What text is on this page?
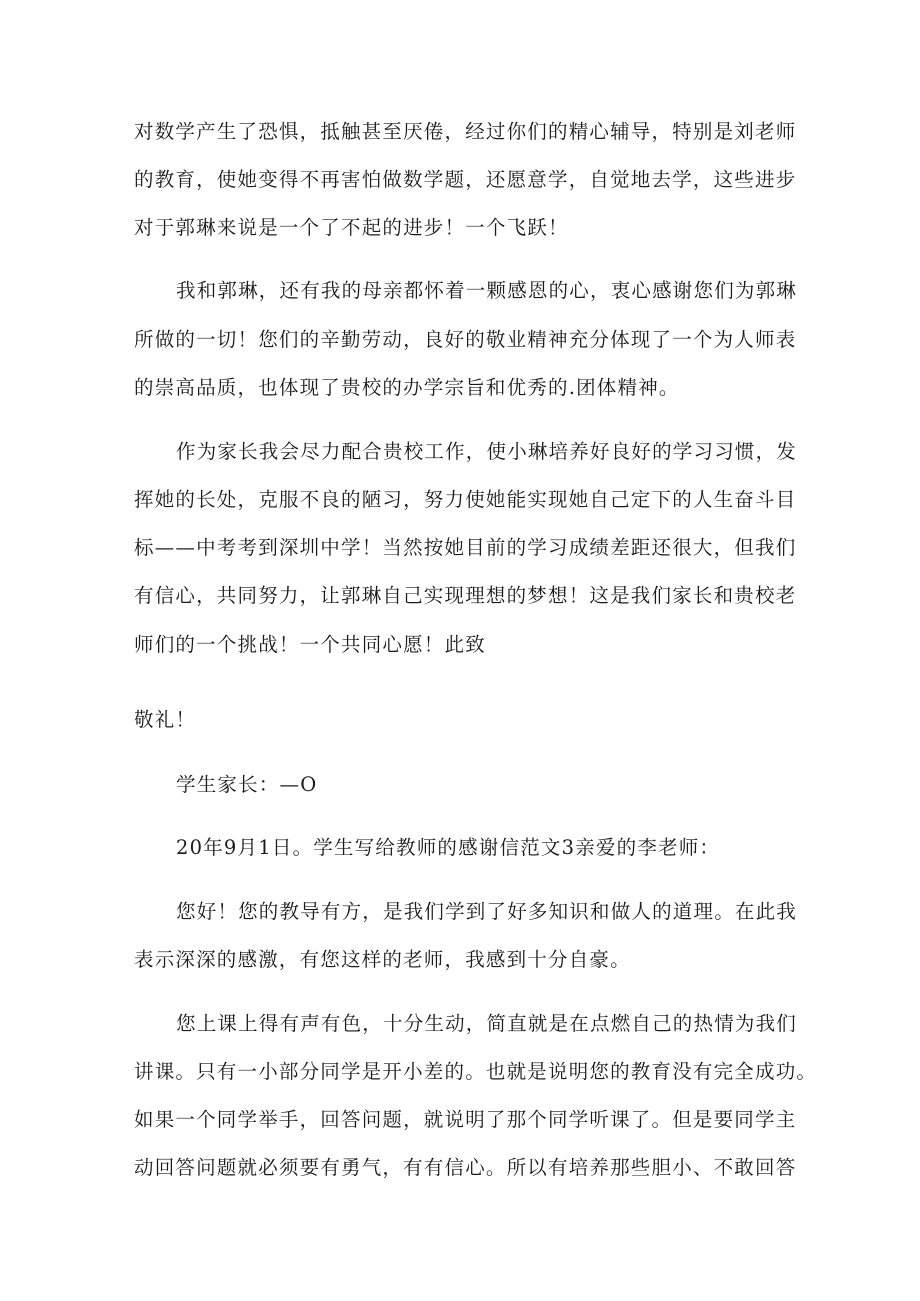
对数学产生了恐惧，抵触甚至厌倦，经过你们的精心辅导，特别是刘老师

的教育，使她变得不再害怕做数学题，还愿意学，自觉地去学，这些进步

对于郭琳来说是一个了不起的进步！一个飞跃！

我和郭琳，还有我的母亲都怀着一颗感恩的心，衷心感谢您们为郭琳

所做的一切！您们的辛勤劳动，良好的敬业精神充分体现了一个为人师表

的崇高品质，也体现了贵校的办学宗旨和优秀的.团体精神。

作为家长我会尽力配合贵校工作，使小琳培养好良好的学习习惯，发

挥她的长处，克服不良的陋习，努力使她能实现她自己定下的人生奋斗目

标——中考考到深圳中学！当然按她目前的学习成绩差距还很大，但我们

有信心，共同努力，让郭琳自己实现理想的梦想！这是我们家长和贵校老

师们的一个挑战！一个共同心愿！此致

敬礼！

学生家长：—O

20年9月1日。学生写给教师的感谢信范文3亲爱的李老师：

您好！您的教导有方，是我们学到了好多知识和做人的道理。在此我

表示深深的感激，有您这样的老师，我感到十分自豪。

您上课上得有声有色，十分生动，简直就是在点燃自己的热情为我们

讲课。只有一小部分同学是开小差的。也就是说明您的教育没有完全成功。

如果一个同学举手，回答问题，就说明了那个同学听课了。但是要同学主

动回答问题就必须要有勇气，有有信心。所以有培养那些胆小、不敢回答
